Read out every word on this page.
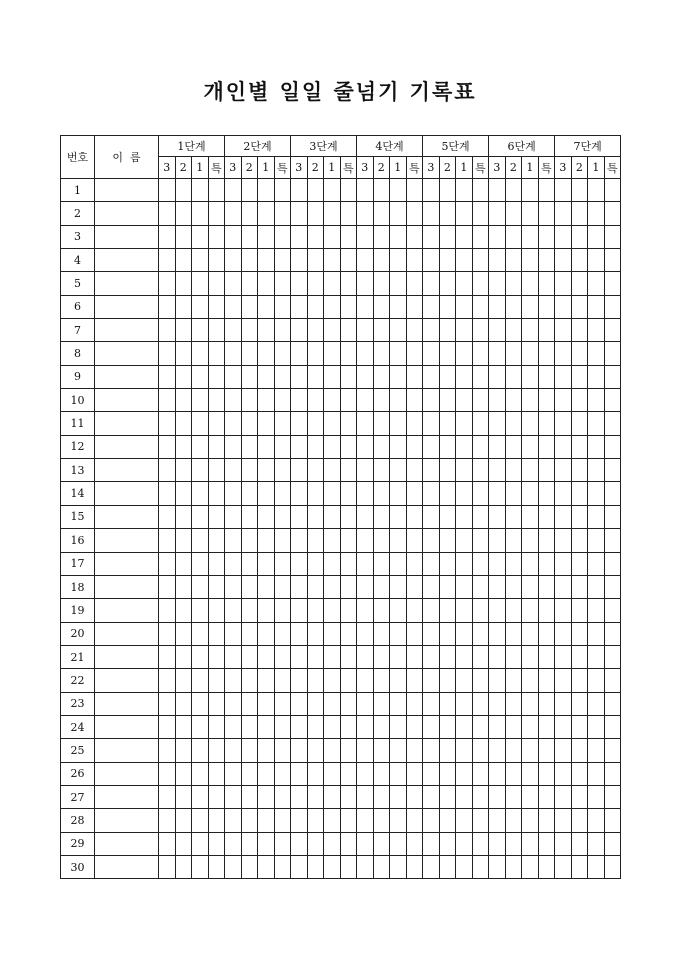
개인별 일일 줄넘기 기록표
번호	이  름	1단계				2단계				3단계				4단계				5단계				6단계				7단계			
		3	2	1	특	3	2	1	특	3	2	1	특	3	2	1	특	3	2	1	특	3	2	1	특	3	2	1	특
1																													
2																													
3																													
4																													
5																													
6																													
7																													
8																													
9																													
10																													
11																													
12																													
13																													
14																													
15																													
16																													
17																													
18																													
19																													
20																													
21																													
22																													
23																													
24																													
25																													
26																													
27																													
28																													
29																													
30																													
